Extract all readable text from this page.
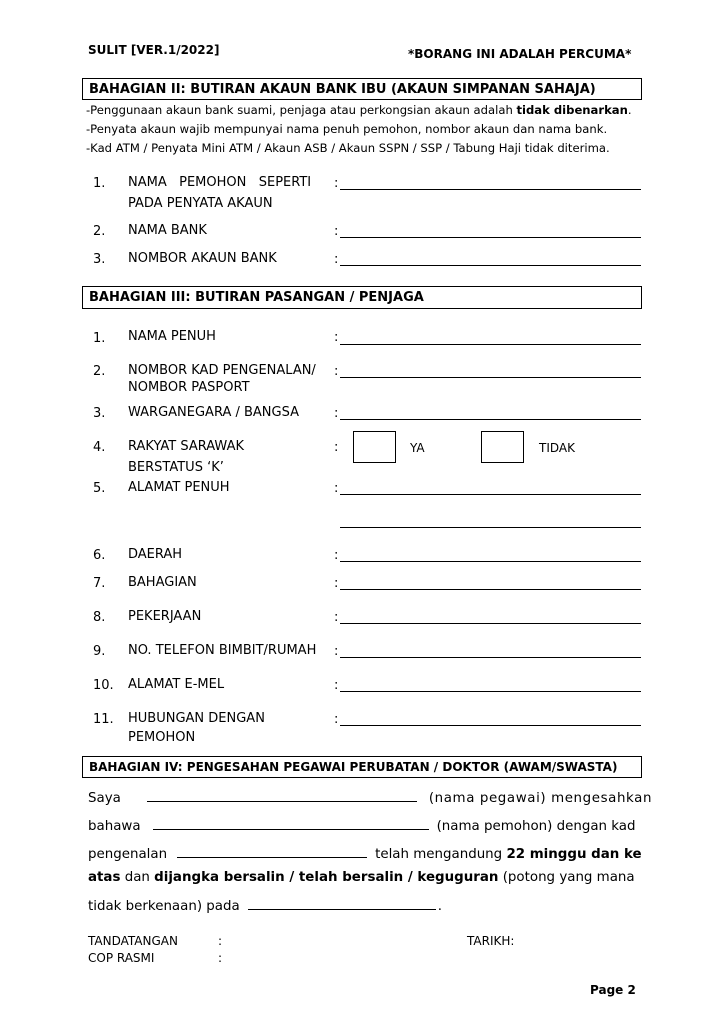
SULIT [VER.1/2022]	*BORANG INI ADALAH PERCUMA*
BAHAGIAN II: BUTIRAN AKAUN BANK IBU (AKAUN SIMPANAN SAHAJA)
-Penggunaan akaun bank suami, penjaga atau perkongsian akaun adalah tidak dibenarkan.
-Penyata akaun wajib mempunyai nama penuh pemohon, nombor akaun dan nama bank.
-Kad ATM / Penyata Mini ATM / Akaun ASB / Akaun SSPN / SSP / Tabung Haji tidak diterima.
1. NAMA   PEMOHON   SEPERTI
PADA PENYATA AKAUN
:
2. NAMA BANK	:
3. NOMBOR AKAUN BANK	:
BAHAGIAN III: BUTIRAN PASANGAN / PENJAGA
1. NAMA PENUH	:
2. NOMBOR KAD PENGENALAN/
NOMBOR PASPORT
:
3. WARGANEGARA / BANGSA	:
4. RAKYAT SARAWAK
BERSTATUS ‘K’
:	YA	TIDAK
5. ALAMAT PENUH	:
6. DAERAH	:
7. BAHAGIAN	:
8. PEKERJAAN	:
9. NO. TELEFON BIMBIT/RUMAH :
10. ALAMAT E-MEL	:
11. HUBUNGAN DENGAN
PEMOHON
:
BAHAGIAN IV: PENGESAHAN PEGAWAI PERUBATAN / DOKTOR (AWAM/SWASTA)
Saya	(nama pegawai) mengesahkan
bahawa	(nama pemohon) dengan kad
pengenalan	telah mengandung 22 minggu dan ke
atas dan dijangka bersalin / telah bersalin / keguguran (potong yang mana
tidak berkenaan) pada	.
TANDATANGAN	:
COP RASMI	:
TARIKH:
Page 2
